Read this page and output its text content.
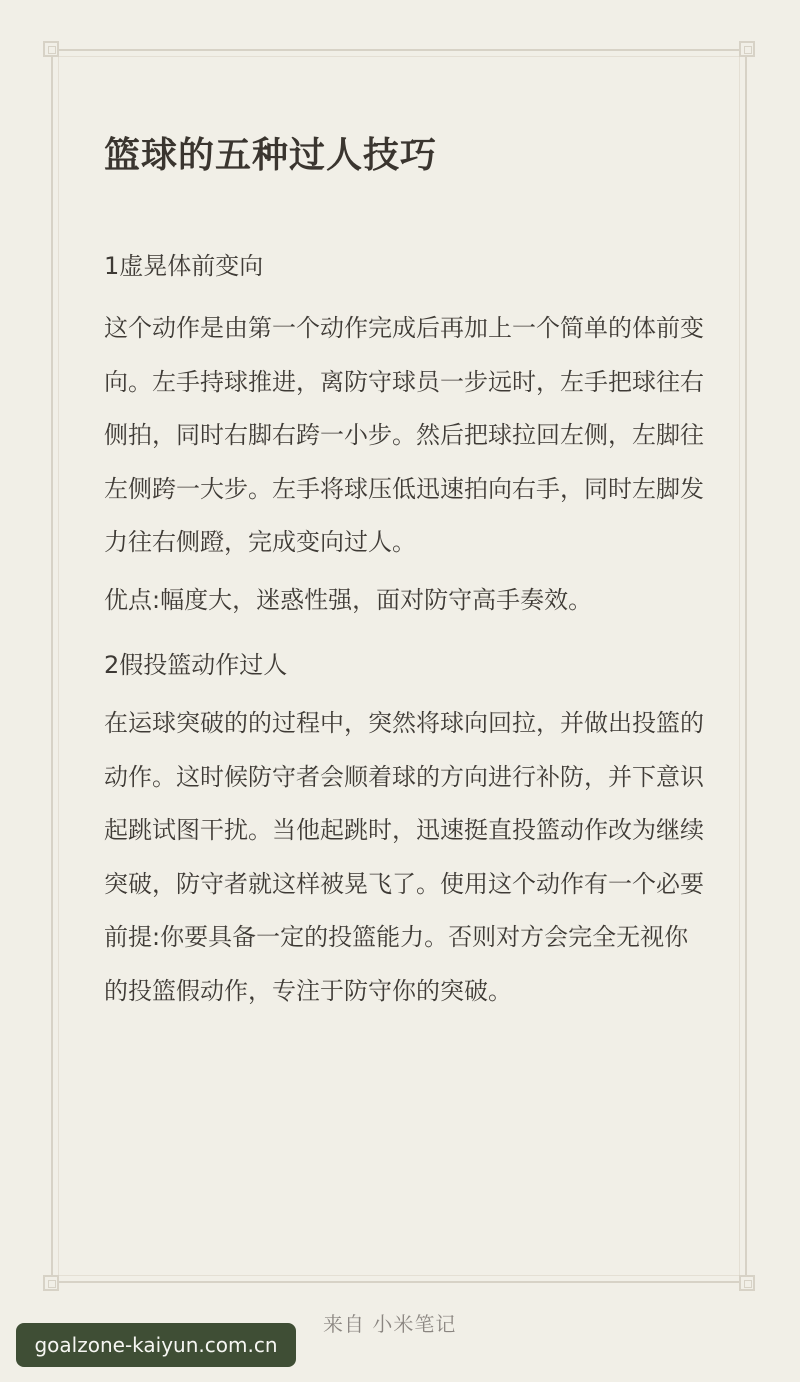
篮球的五种过人技巧

1虚晃体前变向

这个动作是由第一个动作完成后再加上一个简单的体前变向。左手持球推进，离防守球员一步远时，左手把球往右侧拍，同时右脚右跨一小步。然后把球拉回左侧，左脚往左侧跨一大步。左手将球压低迅速拍向右手，同时左脚发力往右侧蹬，完成变向过人。

优点:幅度大，迷惑性强，面对防守高手奏效。

2假投篮动作过人

在运球突破的的过程中，突然将球向回拉，并做出投篮的动作。这时候防守者会顺着球的方向进行补防，并下意识起跳试图干扰。当他起跳时，迅速挺直投篮动作改为继续突破，防守者就这样被晃飞了。使用这个动作有一个必要前提:你要具备一定的投篮能力。否则对方会完全无视你的投篮假动作，专注于防守你的突破。

来自 小米笔记
goalzone-kaiyun.com.cn
